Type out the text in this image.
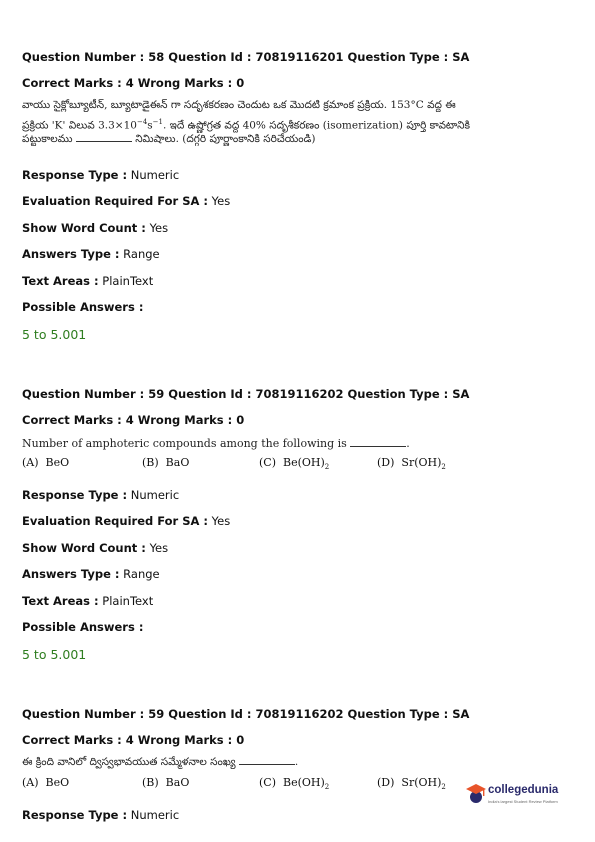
Question Number : 58 Question Id : 70819116201 Question Type : SA
Correct Marks : 4 Wrong Marks : 0
వాయు సైక్లోబ్యూటీన్, బ్యూటాడైఈన్ గా సదృశకరణం చెందుట ఒక మొదటి క్రమాంక ప్రక్రియ. 153°C వద్ద ఈ
ప్రక్రియ 'K' విలువ $3.3\times 10^{-4}s^{-1}$. ఇదే ఉష్ణోగ్రత వద్ద 40% సదృశీకరణం (isomerization) పూర్తి కావటానికి
పట్టుకాలము	నిమిషాలు. (దగ్గరి పూర్ణాంకానికి సరిచేయండి)
Response Type : Numeric
Evaluation Required For SA : Yes
Show Word Count : Yes
Answers Type : Range
Text Areas : PlainText
Possible Answers :
5 to 5.001
Question Number : 59 Question Id : 70819116202 Question Type : SA
Correct Marks : 4 Wrong Marks : 0
Number of amphoteric compounds among the following is	.
(A) BeO	(B) BaO	(C) $Be(OH)_2$	(D) $Sr(OH)_2$
Response Type : Numeric
Evaluation Required For SA : Yes
Show Word Count : Yes
Answers Type : Range
Text Areas : PlainText
Possible Answers :
5 to 5.001
Question Number : 59 Question Id : 70819116202 Question Type : SA
Correct Marks : 4 Wrong Marks : 0
ఈ క్రింది వానిలో ద్విస్వభావయుత సమ్మేళనాల సంఖ్య	.
(A) BeO	(B) BaO	(C) $Be(OH)_2$	(D) $Sr(OH)_2$
Response Type : Numeric
collegedunia
India's largest Student Review Platform
